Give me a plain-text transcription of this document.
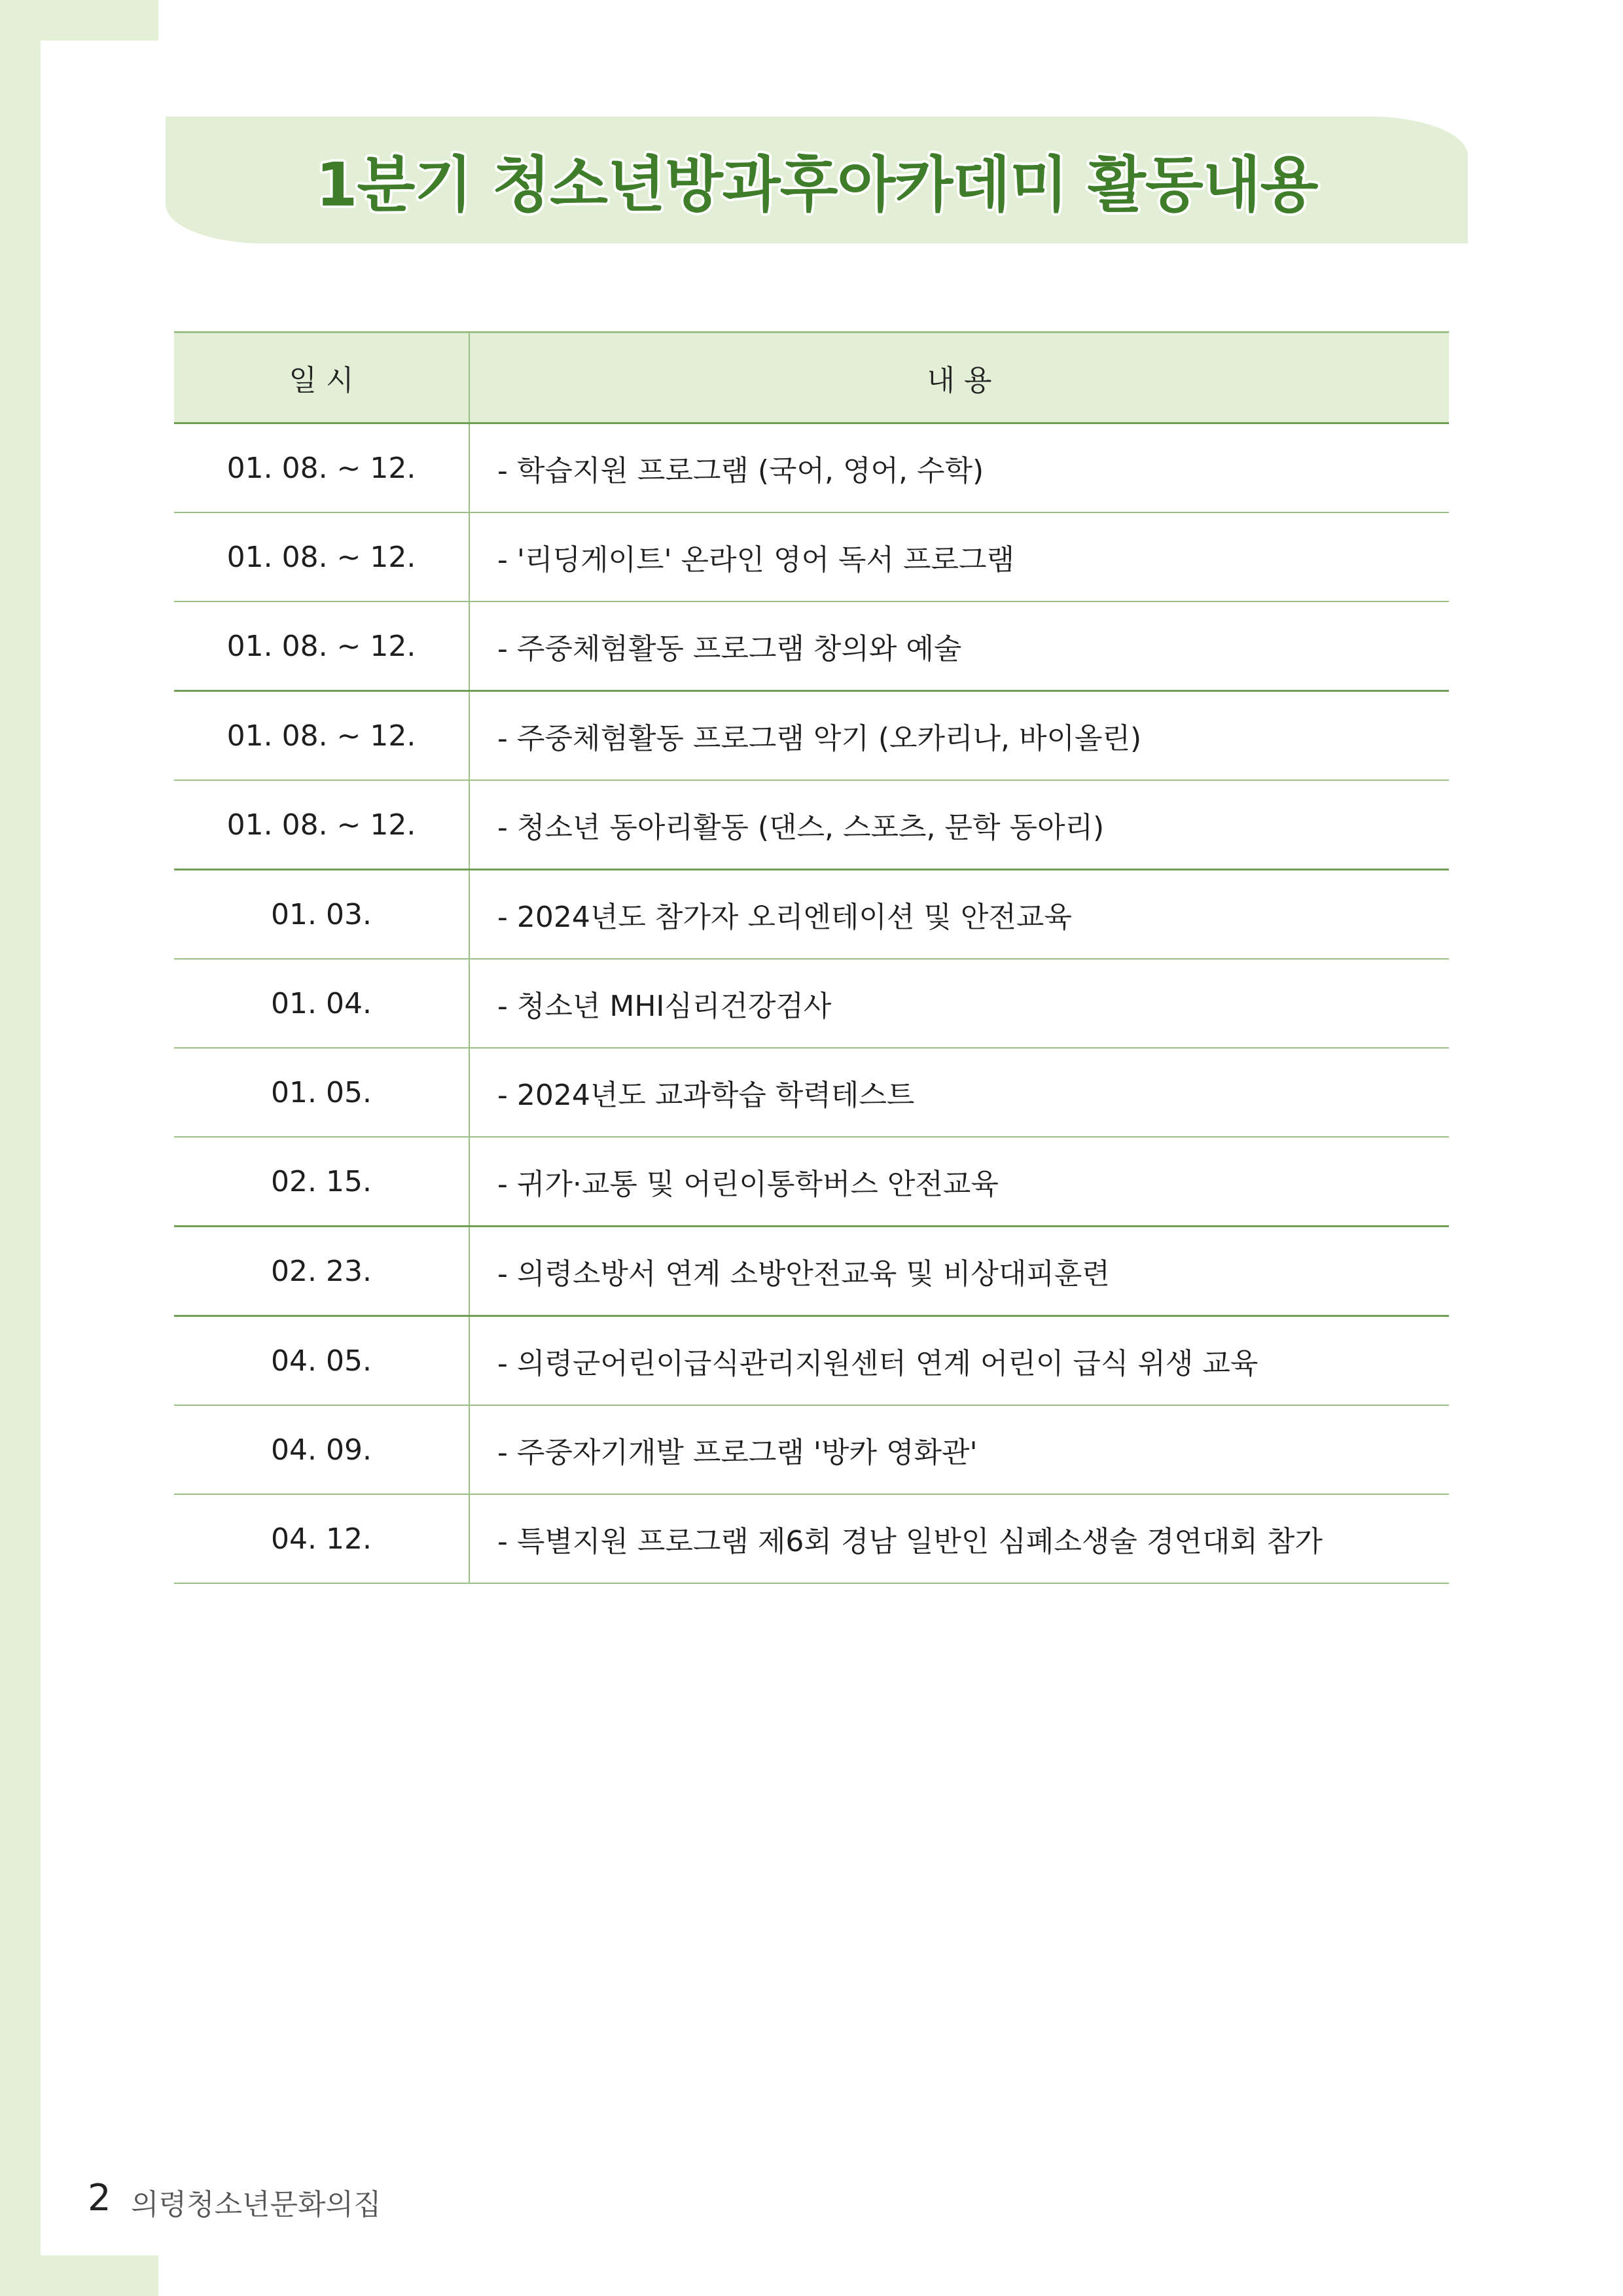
1분기 청소년방과후아카데미 활동내용
일 시	내 용
01. 08. ~ 12.	- 학습지원 프로그램 (국어, 영어, 수학)
01. 08. ~ 12.	- '리딩게이트' 온라인 영어 독서 프로그램
01. 08. ~ 12.	- 주중체험활동 프로그램 창의와 예술
01. 08. ~ 12.	- 주중체험활동 프로그램 악기 (오카리나, 바이올린)
01. 08. ~ 12.	- 청소년 동아리활동 (댄스, 스포츠, 문학 동아리)
01. 03.	- 2024년도 참가자 오리엔테이션 및 안전교육
01. 04.	- 청소년 MHI심리건강검사
01. 05.	- 2024년도 교과학습 학력테스트
02. 15.	- 귀가·교통 및 어린이통학버스 안전교육
02. 23.	- 의령소방서 연계 소방안전교육 및 비상대피훈련
04. 05.	- 의령군어린이급식관리지원센터 연계 어린이 급식 위생 교육
04. 09.	- 주중자기개발 프로그램 '방카 영화관'
04. 12.	- 특별지원 프로그램 제6회 경남 일반인 심폐소생술 경연대회 참가
2 의령청소년문화의집
